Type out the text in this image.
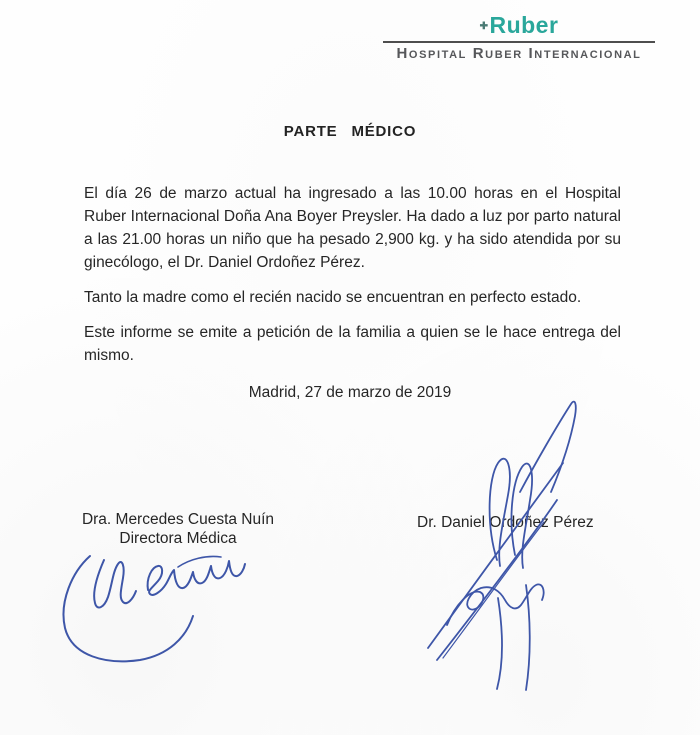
✚Ruber
Hospital Ruber Internacional
PARTE MÉDICO

El día 26 de marzo actual ha ingresado a las 10.00 horas en el Hospital Ruber Internacional Doña Ana Boyer Preysler. Ha dado a luz por parto natural a las 21.00 horas un niño que ha pesado 2,900 kg. y ha sido atendida por su ginecólogo, el Dr. Daniel Ordoñez Pérez.

Tanto la madre como el recién nacido se encuentran en perfecto estado.

Este informe se emite a petición de la familia a quien se le hace entrega del mismo.

Madrid, 27 de marzo de 2019
Dra. Mercedes Cuesta Nuín
Directora Médica
Dr. Daniel Ordoñez Pérez
